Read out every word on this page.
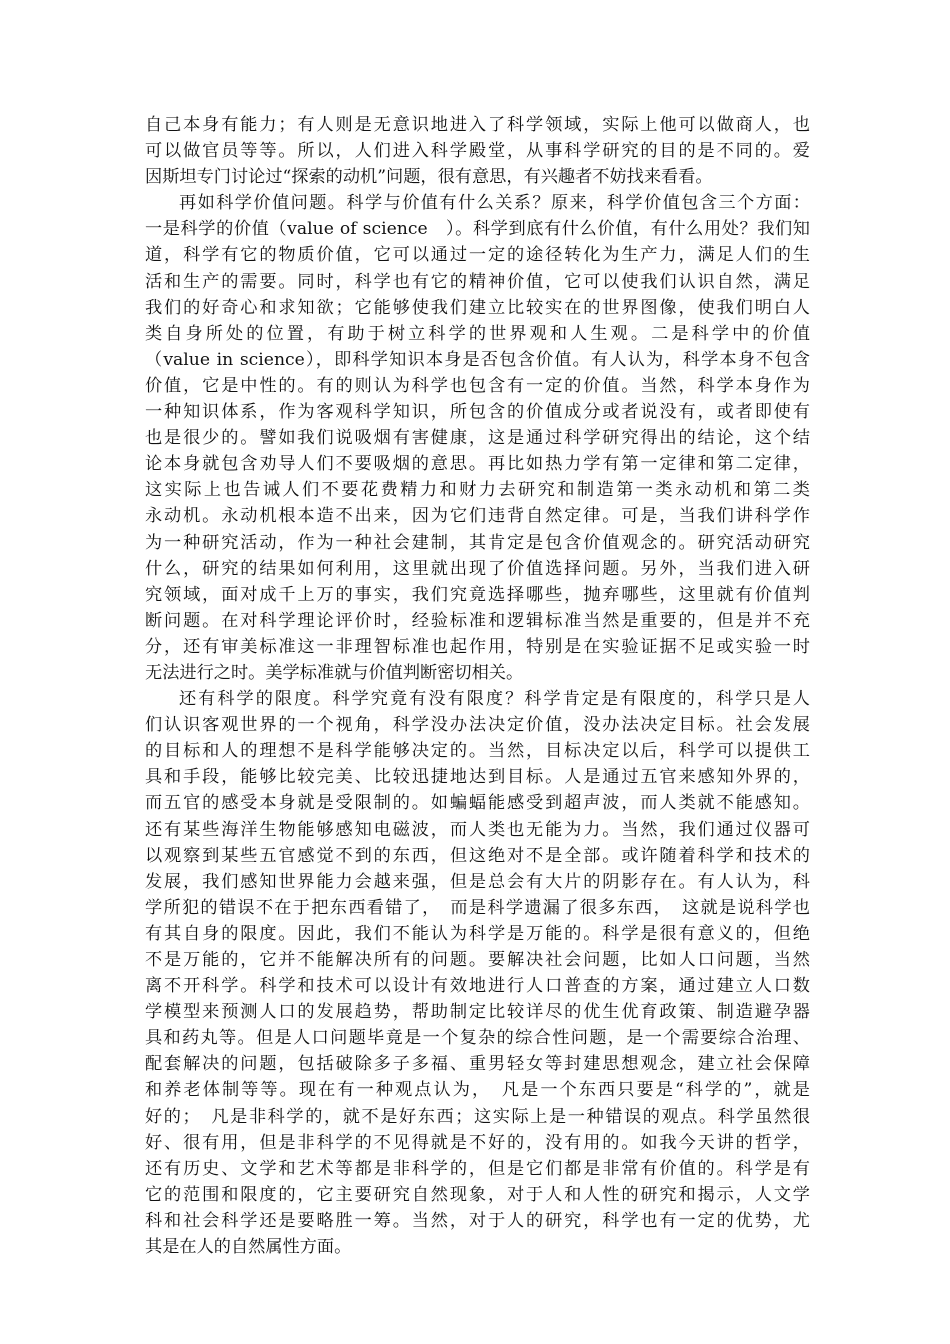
自己本身有能力；有人则是无意识地进入了科学领域，实际上他可以做商人，也
可以做官员等等。所以，人们进入科学殿堂，从事科学研究的目的是不同的。爱
因斯坦专门讨论过“探索的动机”问题，很有意思，有兴趣者不妨找来看看。
再如科学价值问题。科学与价值有什么关系？原来，科学价值包含三个方面：
一是科学的价值（value of science　）。科学到底有什么价值，有什么用处？我们知
道，科学有它的物质价值，它可以通过一定的途径转化为生产力，满足人们的生
活和生产的需要。同时，科学也有它的精神价值，它可以使我们认识自然，满足
我们的好奇心和求知欲；它能够使我们建立比较实在的世界图像，使我们明白人
类自身所处的位置，有助于树立科学的世界观和人生观。二是科学中的价值
（value in science），即科学知识本身是否包含价值。有人认为，科学本身不包含
价值，它是中性的。有的则认为科学也包含有一定的价值。当然，科学本身作为
一种知识体系，作为客观科学知识，所包含的价值成分或者说没有，或者即使有
也是很少的。譬如我们说吸烟有害健康，这是通过科学研究得出的结论，这个结
论本身就包含劝导人们不要吸烟的意思。再比如热力学有第一定律和第二定律，
这实际上也告诫人们不要花费精力和财力去研究和制造第一类永动机和第二类
永动机。永动机根本造不出来，因为它们违背自然定律。可是，当我们讲科学作
为一种研究活动，作为一种社会建制，其肯定是包含价值观念的。研究活动研究
什么，研究的结果如何利用，这里就出现了价值选择问题。另外，当我们进入研
究领域，面对成千上万的事实，我们究竟选择哪些，抛弃哪些，这里就有价值判
断问题。在对科学理论评价时，经验标准和逻辑标准当然是重要的，但是并不充
分，还有审美标准这一非理智标准也起作用，特别是在实验证据不足或实验一时
无法进行之时。美学标准就与价值判断密切相关。
还有科学的限度。科学究竟有没有限度？科学肯定是有限度的，科学只是人
们认识客观世界的一个视角，科学没办法决定价值，没办法决定目标。社会发展
的目标和人的理想不是科学能够决定的。当然，目标决定以后，科学可以提供工
具和手段，能够比较完美、比较迅捷地达到目标。人是通过五官来感知外界的，
而五官的感受本身就是受限制的。如蝙蝠能感受到超声波，而人类就不能感知。
还有某些海洋生物能够感知电磁波，而人类也无能为力。当然，我们通过仪器可
以观察到某些五官感觉不到的东西，但这绝对不是全部。或许随着科学和技术的
发展，我们感知世界能力会越来强，但是总会有大片的阴影存在。有人认为，科
学所犯的错误不在于把东西看错了，　而是科学遗漏了很多东西，　这就是说科学也
有其自身的限度。因此，我们不能认为科学是万能的。科学是很有意义的，但绝
不是万能的，它并不能解决所有的问题。要解决社会问题，比如人口问题，当然
离不开科学。科学和技术可以设计有效地进行人口普查的方案，通过建立人口数
学模型来预测人口的发展趋势，帮助制定比较详尽的优生优育政策、制造避孕器
具和药丸等。但是人口问题毕竟是一个复杂的综合性问题，是一个需要综合治理、
配套解决的问题，包括破除多子多福、重男轻女等封建思想观念，建立社会保障
和养老体制等等。现在有一种观点认为，　凡是一个东西只要是“科学的”，就是
好的；　凡是非科学的，就不是好东西；这实际上是一种错误的观点。科学虽然很
好、很有用，但是非科学的不见得就是不好的，没有用的。如我今天讲的哲学，
还有历史、文学和艺术等都是非科学的，但是它们都是非常有价值的。科学是有
它的范围和限度的，它主要研究自然现象，对于人和人性的研究和揭示，人文学
科和社会科学还是要略胜一筹。当然，对于人的研究，科学也有一定的优势，尤
其是在人的自然属性方面。
